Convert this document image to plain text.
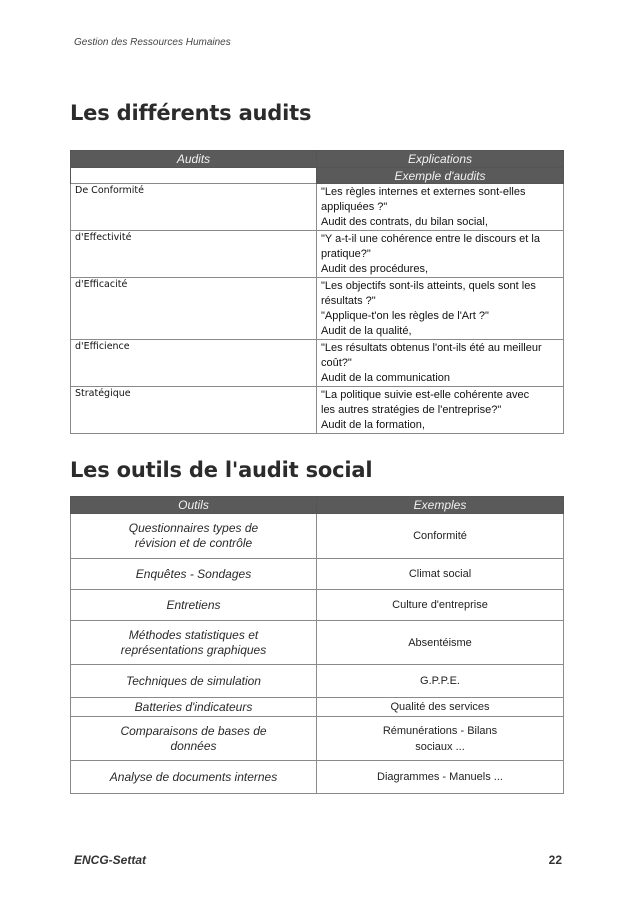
Gestion des Ressources Humaines
Les différents audits
Audits	Explications
	Exemple d'audits
De Conformité	"Les règles internes et externes sont-elles
appliquées ?"
Audit des contrats, du bilan social,

d'Effectivité	"Y a-t-il une cohérence entre le discours et la
pratique?"
Audit des procédures,

d'Efficacité	"Les objectifs sont-ils atteints, quels sont les
résultats ?"
"Applique-t'on les règles de l'Art ?"
Audit de la qualité,

d'Efficience	"Les résultats obtenus l'ont-ils été au meilleur
coût?"
Audit de la communication

Stratégique	"La politique suivie est-elle cohérente avec
les autres stratégies de l'entreprise?"
Audit de la formation,
Les outils de l'audit social
Outils	Exemples
Questionnaires types de
révision et de contrôle	Conformité
Enquêtes - Sondages	Climat social
Entretiens	Culture d'entreprise
Méthodes statistiques et
représentations graphiques	Absentéisme
Techniques de simulation	G.P.P.E.
Batteries d'indicateurs	Qualité des services
Comparaisons de bases de
données	Rémunérations - Bilans
sociaux ...
Analyse de documents internes	Diagrammes - Manuels ...
ENCG-Settat	22
